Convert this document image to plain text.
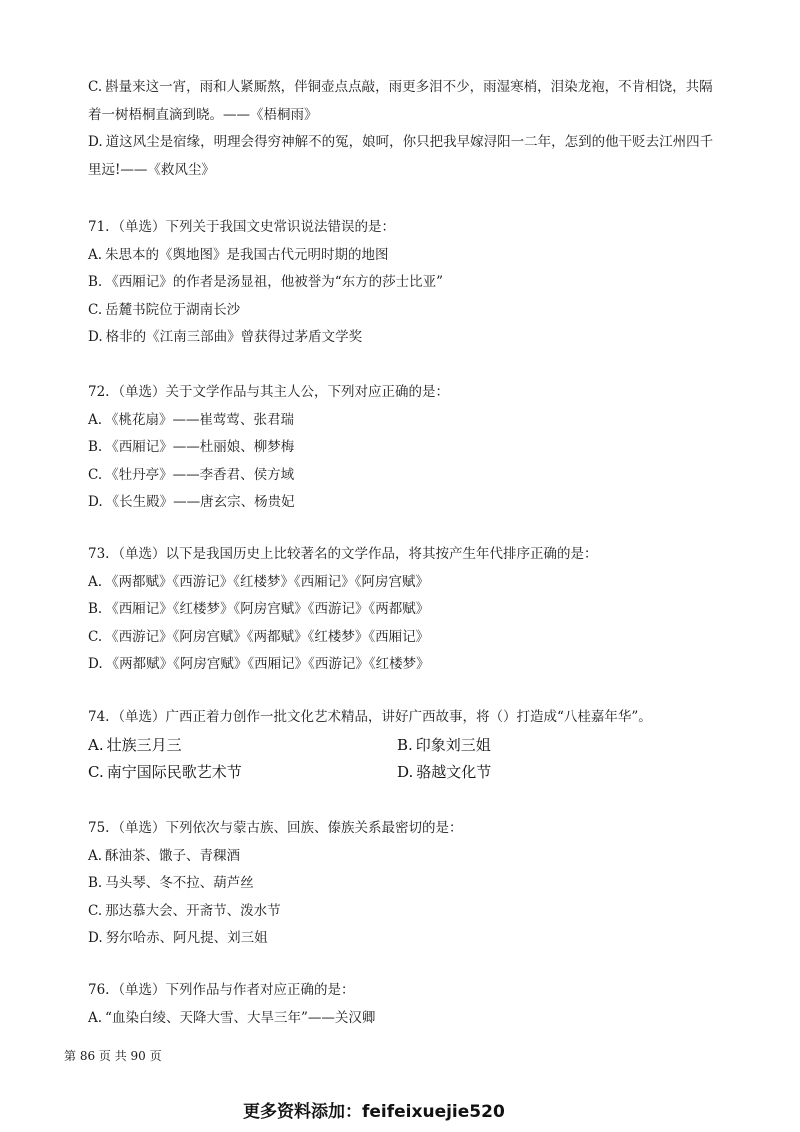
C. 斟量来这一宵，雨和人紧厮熬，伴铜壶点点敲，雨更多泪不少，雨湿寒梢，泪染龙袍，不肯相饶，共隔
着一树梧桐直滴到晓。——《梧桐雨》
D. 道这风尘是宿缘，明理会得穷神解不的冤，娘呵，你只把我早嫁浔阳一二年，怎到的他干贬去江州四千
里远!——《救风尘》
71. （单选）下列关于我国文史常识说法错误的是：
A. 朱思本的《舆地图》是我国古代元明时期的地图
B. 《西厢记》的作者是汤显祖，他被誉为“东方的莎士比亚”
C. 岳麓书院位于湖南长沙
D. 格非的《江南三部曲》曾获得过茅盾文学奖
72. （单选）关于文学作品与其主人公，下列对应正确的是：
A. 《桃花扇》——崔莺莺、张君瑞
B. 《西厢记》——杜丽娘、柳梦梅
C. 《牡丹亭》——李香君、侯方域
D. 《长生殿》——唐玄宗、杨贵妃
73. （单选）以下是我国历史上比较著名的文学作品，将其按产生年代排序正确的是：
A. 《两都赋》《西游记》《红楼梦》《西厢记》《阿房宫赋》
B. 《西厢记》《红楼梦》《阿房宫赋》《西游记》《两都赋》
C. 《西游记》《阿房宫赋》《两都赋》《红楼梦》《西厢记》
D. 《两都赋》《阿房宫赋》《西厢记》《西游记》《红楼梦》
74. （单选）广西正着力创作一批文化艺术精品，讲好广西故事，将（）打造成“八桂嘉年华”。
A. 壮族三月三	B. 印象刘三姐
C. 南宁国际民歌艺术节	D. 骆越文化节
75. （单选）下列依次与蒙古族、回族、傣族关系最密切的是：
A. 酥油茶、馓子、青稞酒
B. 马头琴、冬不拉、葫芦丝
C. 那达慕大会、开斋节、泼水节
D. 努尔哈赤、阿凡提、刘三姐
76. （单选）下列作品与作者对应正确的是：
A. “血染白绫、天降大雪、大旱三年”——关汉卿
第 86 页 共 90 页
更多资料添加：feifeixuejie520
